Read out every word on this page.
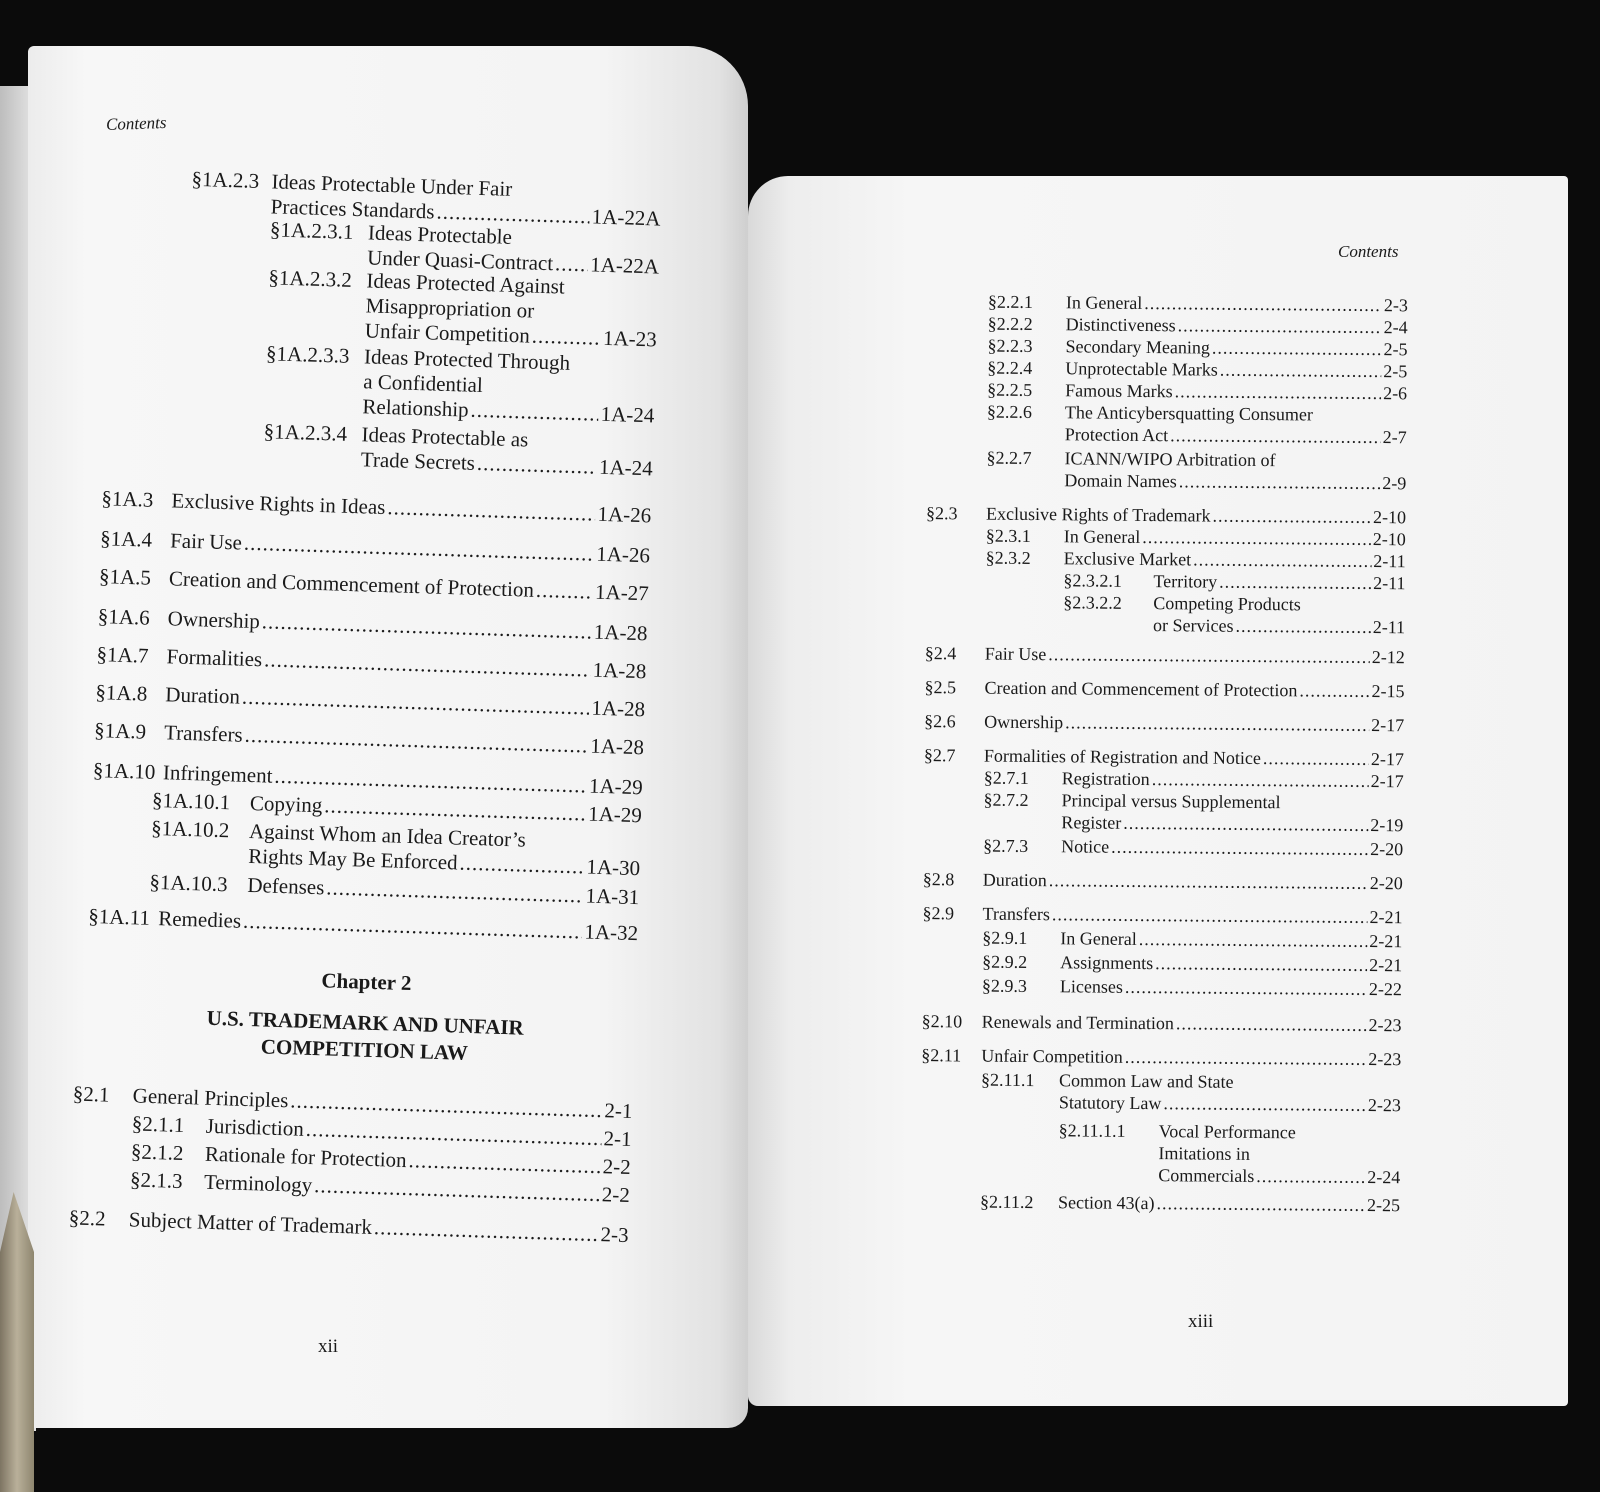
Contents
§1A.2.3 Ideas Protectable Under Fair
Practices Standards .....	1A-22A
§1A.2.3.1 Ideas Protectable
Under Quasi-Contract ..... 1A-22A
§1A.2.3.2 Ideas Protected Against
Misappropriation or
Unfair Competition .....	1A-23
§1A.2.3.3 Ideas Protected Through
a Confidential
Relationship .....	1A-24
§1A.2.3.4 Ideas Protectable as
Trade Secrets .....	1A-24
§1A.3 Exclusive Rights in Ideas .....	1A-26
§1A.4 Fair Use .....	1A-26
§1A.5 Creation and Commencement of Protection .....	1A-27
§1A.6 Ownership .....	1A-28
§1A.7 Formalities .....	1A-28
§1A.8 Duration .....	1A-28
§1A.9 Transfers .....	1A-28
§1A.10 Infringement .....	1A-29
§1A.10.1 Copying .....	1A-29
§1A.10.2 Against Whom an Idea Creator’s
Rights May Be Enforced .....	1A-30
§1A.10.3 Defenses .....	1A-31
§1A.11 Remedies .....	1A-32
Chapter 2
U.S. TRADEMARK AND UNFAIR
COMPETITION LAW
§2.1	General Principles .....	2-1
§2.1.1 Jurisdiction .....	2-1
§2.1.2 Rationale for Protection .....	2-2
§2.1.3 Terminology .....	2-2
§2.2	Subject Matter of Trademark .....	2-3
xii
Contents
§2.2.1	In General .....	2-3
§2.2.2	Distinctiveness .....	2-4
§2.2.3	Secondary Meaning .....	2-5
§2.2.4	Unprotectable Marks .....	2-5
§2.2.5	Famous Marks .....	2-6
§2.2.6	The Anticybersquatting Consumer
Protection Act .....	2-7
§2.2.7	ICANN/WIPO Arbitration of
Domain Names .....	2-9
§2.3	Exclusive Rights of Trademark .....	2-10
§2.3.1	In General .....	2-10
§2.3.2	Exclusive Market .....	2-11
§2.3.2.1	Territory .....	2-11
§2.3.2.2	Competing Products
or Services .....	2-11
§2.4	Fair Use .....	2-12
§2.5	Creation and Commencement of Protection .....	2-15
§2.6	Ownership .....	2-17
§2.7	Formalities of Registration and Notice .....	2-17
§2.7.1	Registration .....	2-17
§2.7.2	Principal versus Supplemental
Register .....	2-19
§2.7.3	Notice .....	2-20
§2.8	Duration .....	2-20
§2.9	Transfers .....	2-21
§2.9.1	In General .....	2-21
§2.9.2	Assignments .....	2-21
§2.9.3	Licenses .....	2-22
§2.10	Renewals and Termination .....	2-23
§2.11	Unfair Competition .....	2-23
§2.11.1	Common Law and State
Statutory Law .....	2-23
§2.11.1.1	Vocal Performance
Imitations in
Commercials .....	2-24
§2.11.2	Section 43(a) .....	2-25
xiii
